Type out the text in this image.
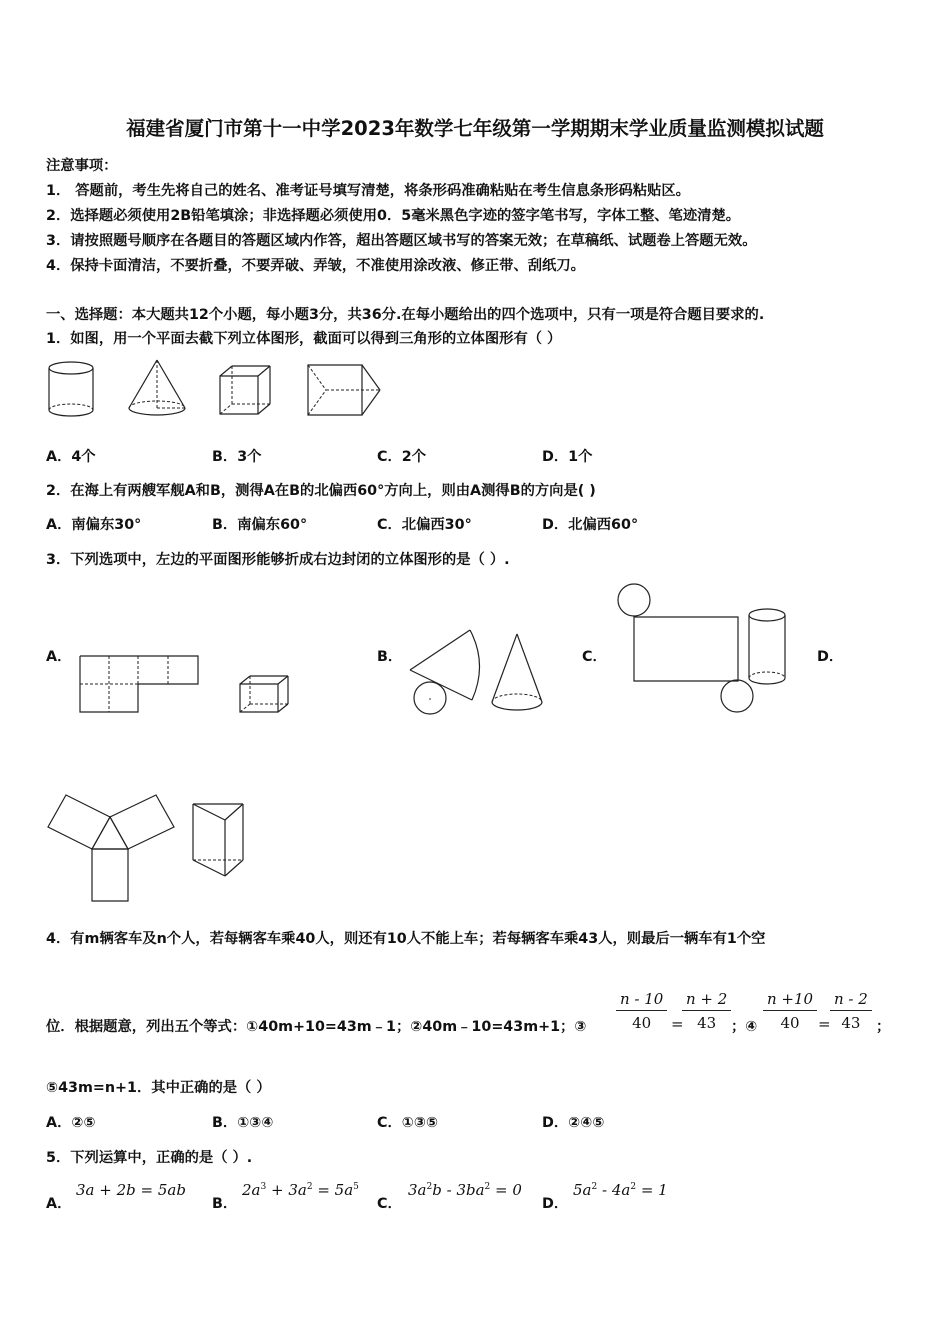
福建省厦门市第十一中学2023年数学七年级第一学期期末学业质量监测模拟试题
注意事项：
1． 答题前，考生先将自己的姓名、准考证号填写清楚，将条形码准确粘贴在考生信息条形码粘贴区。
2．选择题必须使用2B铅笔填涂；非选择题必须使用0．5毫米黑色字迹的签字笔书写，字体工整、笔迹清楚。
3．请按照题号顺序在各题目的答题区域内作答，超出答题区域书写的答案无效；在草稿纸、试题卷上答题无效。
4．保持卡面清洁，不要折叠，不要弄破、弄皱，不准使用涂改液、修正带、刮纸刀。
一、选择题：本大题共12个小题，每小题3分，共36分.在每小题给出的四个选项中，只有一项是符合题目要求的.
1．如图，用一个平面去截下列立体图形，截面可以得到三角形的立体图形有（ ）
A．4个	B．3个	C．2个	D．1个
2．在海上有两艘军舰A和B，测得A在B的北偏西60°方向上，则由A测得B的方向是( )
A．南偏东30°	B．南偏东60°	C．北偏西30°	D．北偏西60°
3．下列选项中，左边的平面图形能够折成右边封闭的立体图形的是（ ）.
A．	B．	C．	D．
4．有m辆客车及n个人，若每辆客车乘40人，则还有10人不能上车；若每辆客车乘43人，则最后一辆车有1个空
位．根据题意，列出五个等式：①40m+10=43m﹣1；②40m﹣10=43m+1；③ $\frac{n - 10}{40}$ =
$\frac{n + 2}{43}$ ；④ $\frac{n +10}{40} = \frac{n - 2}{43}$ ；
⑤43m=n+1．其中正确的是（ ）
A．②⑤	B．①③④	C．①③⑤	D．②④⑤
5．下列运算中，正确的是（ ）.
A．
3a + 2b = 5ab
B．
$2a^3 + 3a^2 = 5a^5$
C．
$3a^2b - 3ba^2 = 0$
D．
$5a^2 - 4a^2 = 1$
